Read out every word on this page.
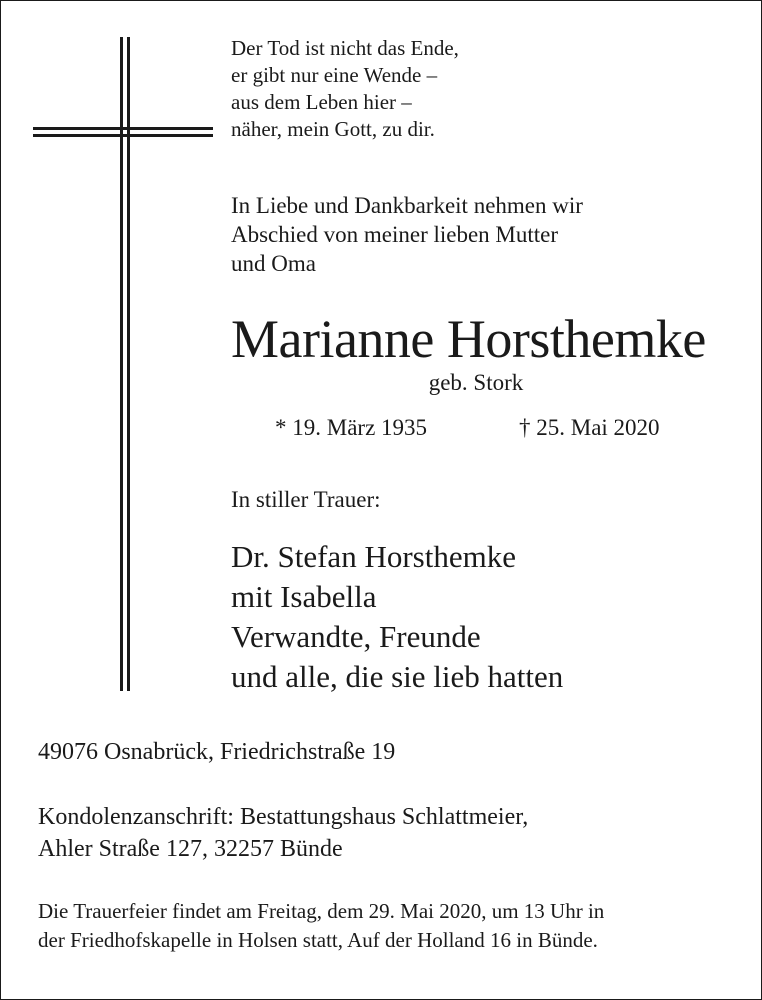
Der Tod ist nicht das Ende,
er gibt nur eine Wende –
aus dem Leben hier –
näher, mein Gott, zu dir.
In Liebe und Dankbarkeit nehmen wir
Abschied von meiner lieben Mutter
und Oma
Marianne Horsthemke
geb. Stork
* 19. März 1935	† 25. Mai 2020
In stiller Trauer:
Dr. Stefan Horsthemke
mit Isabella
Verwandte, Freunde
und alle, die sie lieb hatten
49076 Osnabrück, Friedrichstraße 19
Kondolenzanschrift: Bestattungshaus Schlattmeier,
Ahler Straße 127, 32257 Bünde
Die Trauerfeier findet am Freitag, dem 29. Mai 2020, um 13 Uhr in
der Friedhofskapelle in Holsen statt, Auf der Holland 16 in Bünde.
